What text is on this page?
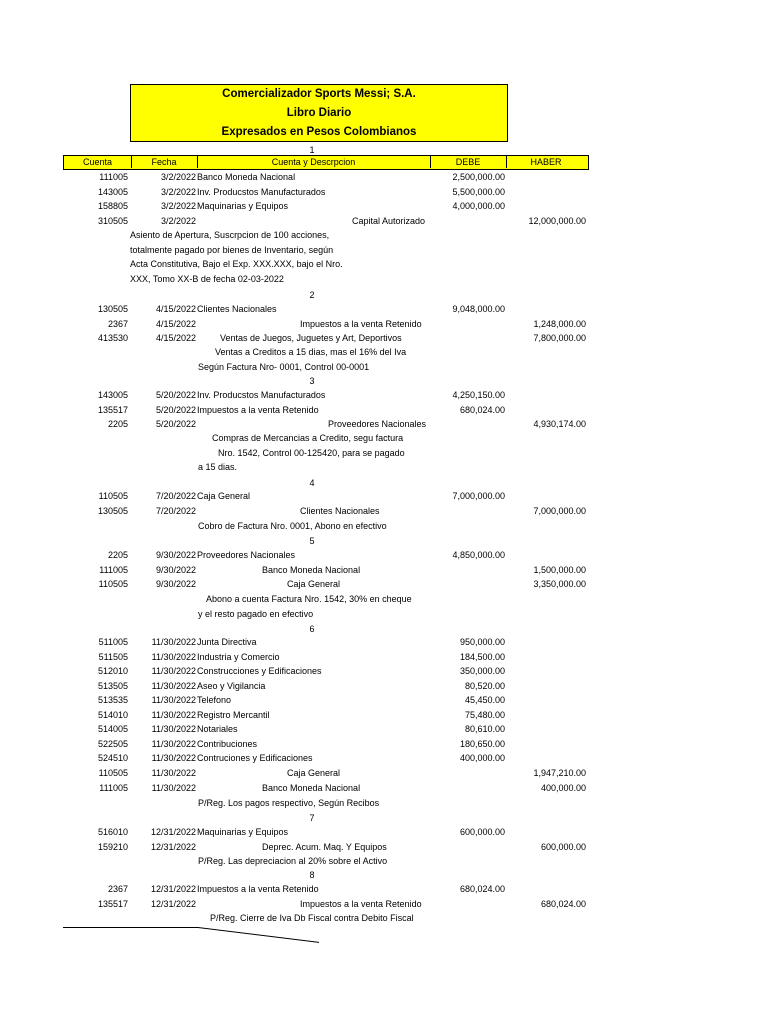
Comercializador Sports Messi; S.A.
Libro Diario
Expresados en Pesos Colombianos
Cuenta	Fecha	Cuenta y Descrpcion	DEBE	HABER
1
111005	3/2/2022 Banco Moneda Nacional	2,500,000.00
143005	3/2/2022 Inv. Producstos Manufacturados	5,500,000.00
158805	3/2/2022 Maquinarias y Equipos	4,000,000.00
310505	3/2/2022	Capital Autorizado	12,000,000.00
Asiento de Apertura, Suscrpcion de 100 acciones,
totalmente pagado por bienes de Inventario, según
Acta Constitutiva, Bajo el Exp. XXX.XXX, bajo el Nro.
XXX, Tomo XX-B de fecha 02-03-2022
2
130505	4/15/2022 Clientes Nacionales	9,048,000.00
2367	4/15/2022	Impuestos a la venta Retenido	1,248,000.00
413530	4/15/2022	Ventas de Juegos, Juguetes y Art, Deportivos	7,800,000.00
Ventas a Creditos a 15 dias, mas el 16% del Iva
Según Factura Nro- 0001, Control 00-0001
3
143005	5/20/2022 Inv. Producstos Manufacturados	4,250,150.00
135517	5/20/2022 Impuestos a la venta Retenido	680,024.00
2205	5/20/2022	Proveedores Nacionales	4,930,174.00
Compras de Mercancias a Credito, segu factura
Nro. 1542, Control 00-125420, para se pagado
a 15 dias.
4
110505	7/20/2022 Caja General	7,000,000.00
130505	7/20/2022	Clientes Nacionales	7,000,000.00
Cobro de Factura Nro. 0001, Abono en efectivo
5
2205	9/30/2022 Proveedores Nacionales	4,850,000.00
111005	9/30/2022	Banco Moneda Nacional	1,500,000.00
110505	9/30/2022	Caja General	3,350,000.00
Abono a cuenta Factura Nro. 1542, 30% en cheque
y el resto pagado en efectivo
6
511005	11/30/2022 Junta Directiva	950,000.00
511505	11/30/2022 Industria y Comercio	184,500.00
512010	11/30/2022 Construcciones y Edificaciones	350,000.00
513505	11/30/2022 Aseo y Vigilancia	80,520.00
513535	11/30/2022 Telefono	45,450.00
514010	11/30/2022 Registro Mercantil	75,480.00
514005	11/30/2022 Notariales	80,610.00
522505	11/30/2022 Contribuciones	180,650.00
524510	11/30/2022 Contruciones y Edificaciones	400,000.00
110505	11/30/2022	Caja General	1,947,210.00
111005	11/30/2022	Banco Moneda Nacional	400,000.00
P/Reg. Los pagos respectivo, Según Recibos
7
516010	12/31/2022 Maquinarias y Equipos	600,000.00
159210	12/31/2022	Deprec. Acum. Maq. Y Equipos	600,000.00
P/Reg. Las depreciacion al 20% sobre el Activo
8
2367	12/31/2022 Impuestos a la venta Retenido	680,024.00
135517	12/31/2022	Impuestos a la venta Retenido	680,024.00
P/Reg. Cierre de Iva Db Fiscal contra Debito Fiscal
